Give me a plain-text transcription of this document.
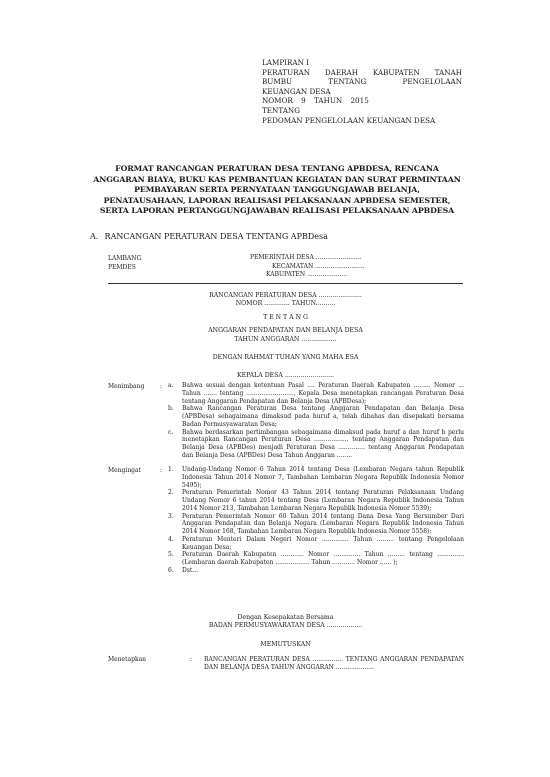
LAMPIRAN I
PERATURAN DAERAH KABUPATEN TANAH
BUMBU TENTANG PENGELOLAAN
KEUANGAN DESA
NOMOR 9 TAHUN 2015
TENTANG
PEDOMAN PENGELOLAAN KEUANGAN DESA
FORMAT RANCANGAN PERATURAN DESA TENTANG APBDESA, RENCANA
ANGGARAN BIAYA, BUKU KAS PEMBANTUAN KEGIATAN DAN SURAT PERMINTAAN
PEMBAYARAN SERTA PERNYATAAN TANGGUNGJAWAB BELANJA,
PENATAUSAHAAN, LAPORAN REALISASI PELAKSANAAN APBDESA SEMESTER,
SERTA LAPORAN PERTANGGUNGJAWABAN REALISASI PELAKSANAAN APBDESA
A. RANCANGAN PERATURAN DESA TENTANG APBDesa
LAMBANG
PEMDES
PEMERINTAH DESA ........................
KECAMATAN ..........................
KABUPATEN .....................
RANCANGAN PERATURAN DESA ......................
NOMOR ............. TAHUN..........
T E N T A N G
ANGGARAN PENDAPATAN DAN BELANJA DESA
TAHUN ANGGARAN ..................
DENGAN RAHMAT TUHAN YANG MAHA ESA
KEPALA DESA .........................
Menimbang	: a. Bahwa sesuai dengan ketentuan Pasal .... Peraturan Daerah Kabupaten ......... Nomor ... Tahun ....... tentang ........................., Kepala Desa menetapkan rancangan Peraturan Desa tentang Anggaran Pendapatan dan Belanja Desa (APBDesa);
b. Bahwa Rancangan Peraturan Desa tentang Anggaran Pendapatan dan Belanja Desa (APBDesa) sebagaimana dimaksud pada huruf a, telah dibahas dan disepakati bersama Badan Permusyawaratan Desa;
c. Bahwa berdasarkan pertimbangan sebagaimana dimaksud pada huruf a dan huruf b perlu menetapkan Rancangan Peraturan Desa .................. tentang Anggaran Pendapatan dan Belanja Desa (APBDes) menjadi Peraturan Desa .............. tentang Anggaran Pendapatan dan Belanja Desa (APBDes) Desa Tahun Anggaran ........
Mengingat	: 1. Undang-Undang Nomor 6 Tahun 2014 tentang Desa (Lembaran Negara tahun Republik Indonesia Tahun 2014 Nomor 7, Tambahan Lembaran Negara Republik Indonesia Nomor 5495);
2. Peraturan Pemerintah Nomor 43 Tahun 2014 tentang Peraturan Pelaksanaan Undang Undang Nomor 6 tahun 2014 tentang Desa (Lembaran Negara Republik Indonesia Tahun 2014 Nomor 213, Tambahan Lembaran Negara Republik Indonesia Nomor 5539);
3. Peraturan Pemerintah Nomor 60 Tahun 2014 tentang Dana Desa Yang Bersumber Dari Anggaran Pendapatan dan Belanja Negara (Lembaran Negara Republik Indonesia Tahun 2014 Nomor 168, Tambahan Lembaran Negara Republik Indonesia Nomor 5558);
4. Peraturan Menteri Dalam Negeri Nomor .............. Tahun ......... tentang Pengelolaan Keuangan Desa;
5. Peraturan Daerah Kabupaten ............ Nomor .............. Tahun ......... tentang .............. (Lembaran daerah Kabupaten .................. Tahun ............ Nomor ...... );
6. Dst...
Dengan Kesepakatan Bersama
BADAN PERMUSYAWARATAN DESA ..................
MEMUTUSKAN
Menetapkan	: RANCANGAN PERATURAN DESA ................ TENTANG ANGGARAN PENDAPATAN DAN BELANJA DESA TAHUN ANGGARAN ....................
